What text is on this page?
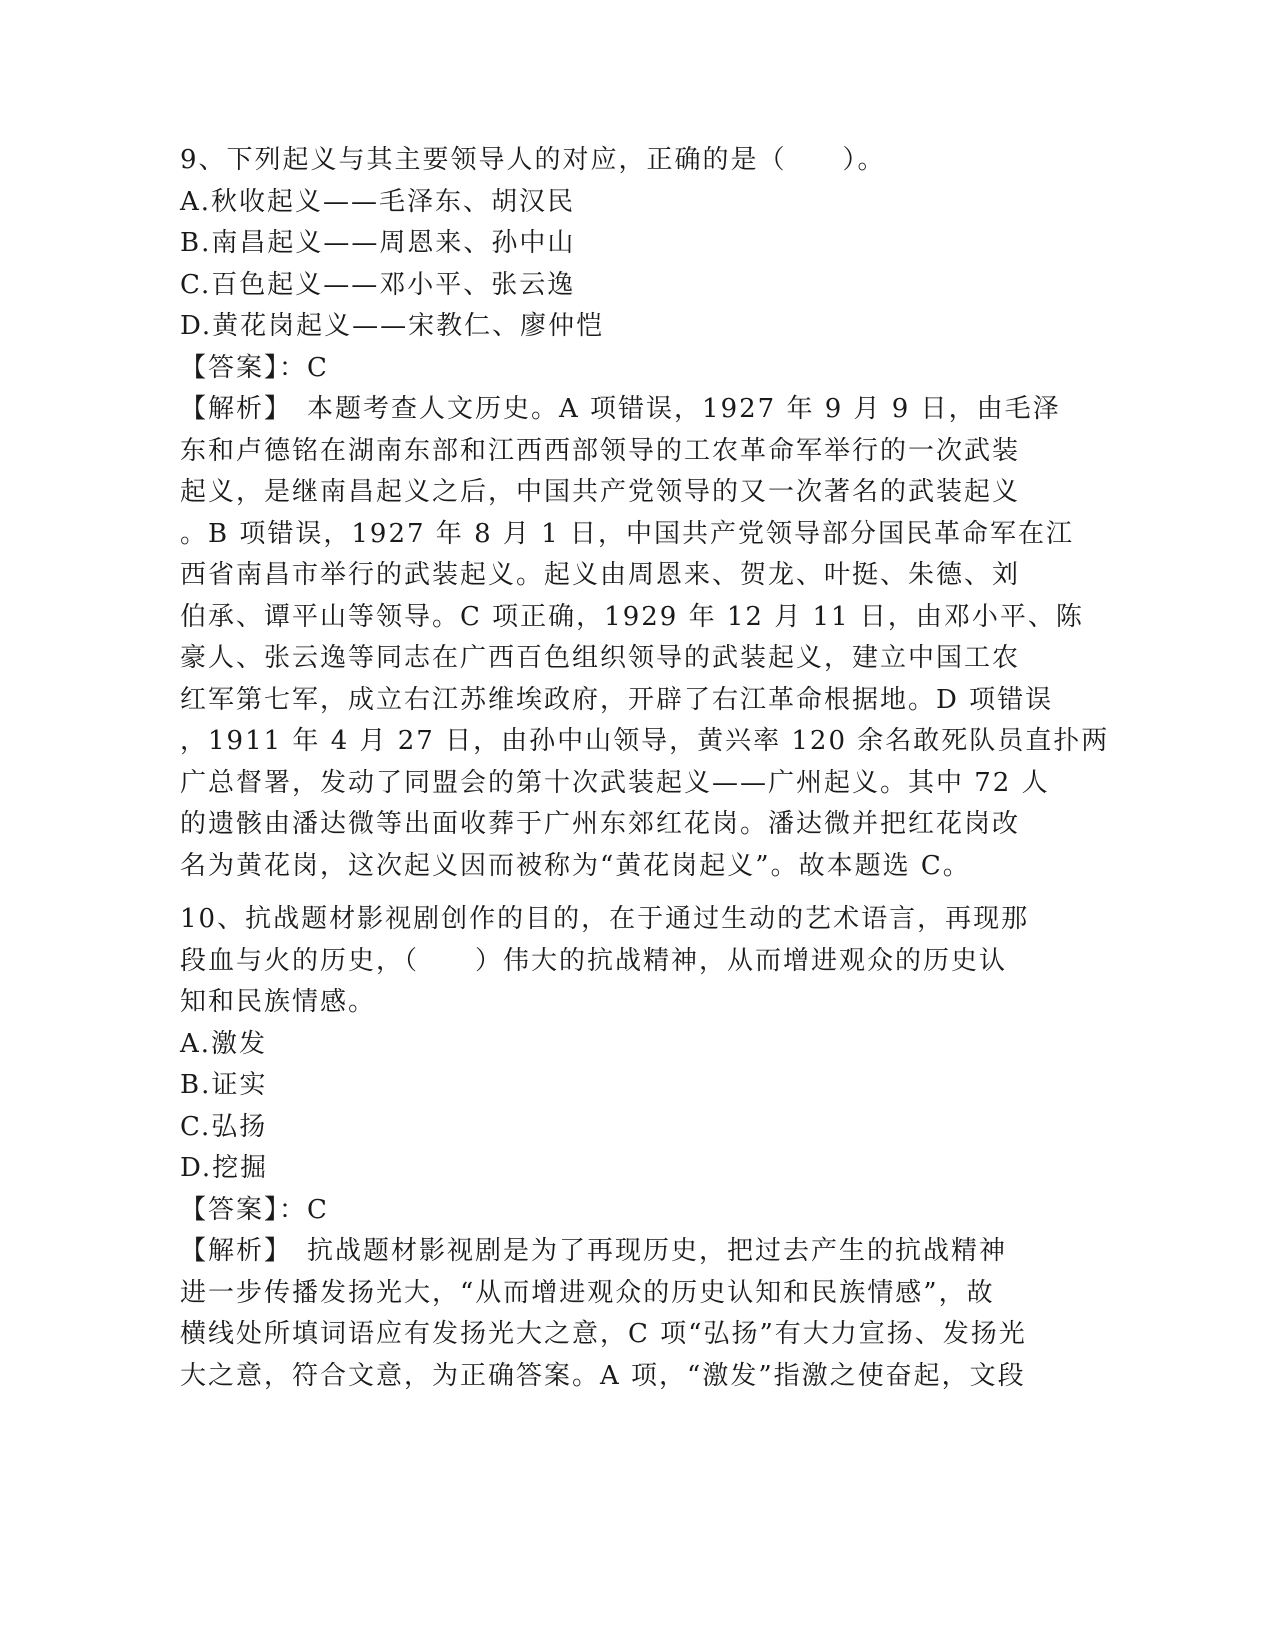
9、下列起义与其主要领导人的对应，正确的是（　　）。
A.秋收起义——毛泽东、胡汉民
B.南昌起义——周恩来、孙中山
C.百色起义——邓小平、张云逸
D.黄花岗起义——宋教仁、廖仲恺
【答案】：C
【解析】　本题考查人文历史。A 项错误，1927 年 9 月 9 日，由毛泽
东和卢德铭在湖南东部和江西西部领导的工农革命军举行的一次武装
起义，是继南昌起义之后，中国共产党领导的又一次著名的武装起义
。B 项错误，1927 年 8 月 1 日，中国共产党领导部分国民革命军在江
西省南昌市举行的武装起义。起义由周恩来、贺龙、叶挺、朱德、刘
伯承、谭平山等领导。C 项正确，1929 年 12 月 11 日，由邓小平、陈
豪人、张云逸等同志在广西百色组织领导的武装起义，建立中国工农
红军第七军，成立右江苏维埃政府，开辟了右江革命根据地。D 项错误
，1911 年 4 月 27 日，由孙中山领导，黄兴率 120 余名敢死队员直扑两
广总督署，发动了同盟会的第十次武装起义——广州起义。其中 72 人
的遗骸由潘达微等出面收葬于广州东郊红花岗。潘达微并把红花岗改
名为黄花岗，这次起义因而被称为“黄花岗起义”。故本题选 C。
10、抗战题材影视剧创作的目的，在于通过生动的艺术语言，再现那
段血与火的历史，（　　）伟大的抗战精神，从而增进观众的历史认
知和民族情感。
A.激发
B.证实
C.弘扬
D.挖掘
【答案】：C
【解析】　抗战题材影视剧是为了再现历史，把过去产生的抗战精神
进一步传播发扬光大，“从而增进观众的历史认知和民族情感”，故
横线处所填词语应有发扬光大之意，C 项“弘扬”有大力宣扬、发扬光
大之意，符合文意，为正确答案。A 项，“激发”指激之使奋起，文段
